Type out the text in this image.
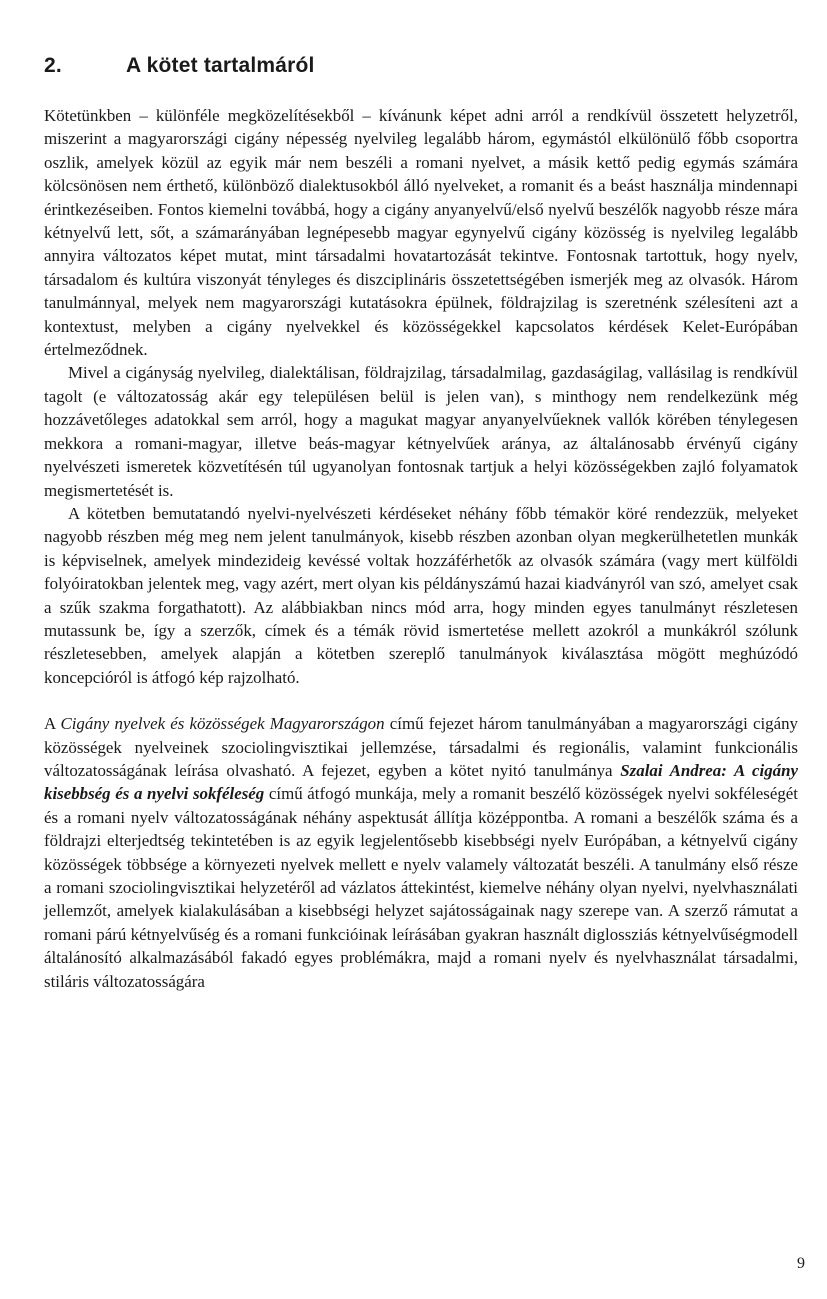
2.	A kötet tartalmáról

Kötetünkben – különféle megközelítésekből – kívánunk képet adni arról a rendkívül összetett helyzetről, miszerint a magyarországi cigány népesség nyelvileg legalább három, egymástól elkülönülő főbb csoportra oszlik, amelyek közül az egyik már nem beszéli a romani nyelvet, a másik kettő pedig egymás számára kölcsönösen nem érthető, különböző dialektusokból álló nyelveket, a romanit és a beást használja mindennapi érintkezéseiben. Fontos kiemelni továbbá, hogy a cigány anyanyelvű/első nyelvű beszélők nagyobb része mára kétnyelvű lett, sőt, a számarányában legnépesebb magyar egynyelvű cigány közösség is nyelvileg legalább annyira változatos képet mutat, mint társadalmi hovatartozását tekintve. Fontosnak tartottuk, hogy nyelv, társadalom és kultúra viszonyát tényleges és diszciplináris összetettségében ismerjék meg az olvasók. Három tanulmánnyal, melyek nem magyarországi kutatásokra épülnek, földrajzilag is szeretnénk szélesíteni azt a kontextust, melyben a cigány nyelvekkel és közösségekkel kapcsolatos kérdések Kelet-Európában értelmeződnek.

Mivel a cigányság nyelvileg, dialektálisan, földrajzilag, társadalmilag, gazdaságilag, vallásilag is rendkívül tagolt (e változatosság akár egy településen belül is jelen van), s minthogy nem rendelkezünk még hozzávetőleges adatokkal sem arról, hogy a magukat magyar anyanyelvűeknek vallók körében ténylegesen mekkora a romani-magyar, illetve beás-magyar kétnyelvűek aránya, az általánosabb érvényű cigány nyelvészeti ismeretek közvetítésén túl ugyanolyan fontosnak tartjuk a helyi közösségekben zajló folyamatok megismertetését is.

A kötetben bemutatandó nyelvi-nyelvészeti kérdéseket néhány főbb témakör köré rendezzük, melyeket nagyobb részben még meg nem jelent tanulmányok, kisebb részben azonban olyan megkerülhetetlen munkák is képviselnek, amelyek mindezideig kevéssé voltak hozzáférhetők az olvasók számára (vagy mert külföldi folyóiratokban jelentek meg, vagy azért, mert olyan kis példányszámú hazai kiadványról van szó, amelyet csak a szűk szakma forgathatott). Az alábbiakban nincs mód arra, hogy minden egyes tanulmányt részletesen mutassunk be, így a szerzők, címek és a témák rövid ismertetése mellett azokról a munkákról szólunk részletesebben, amelyek alapján a kötetben szereplő tanulmányok kiválasztása mögött meghúzódó koncepcióról is átfogó kép rajzolható.

A Cigány nyelvek és közösségek Magyarországon című fejezet három tanulmányában a magyarországi cigány közösségek nyelveinek szociolingvisztikai jellemzése, társadalmi és regionális, valamint funkcionális változatosságának leírása olvasható. A fejezet, egyben a kötet nyitó tanulmánya Szalai Andrea: A cigány kisebbség és a nyelvi sokféleség című átfogó munkája, mely a romanit beszélő közösségek nyelvi sokféleségét és a romani nyelv változatosságának néhány aspektusát állítja középpontba. A romani a beszélők száma és a földrajzi elterjedtség tekintetében is az egyik legjelentősebb kisebbségi nyelv Európában, a kétnyelvű cigány közösségek többsége a környezeti nyelvek mellett e nyelv valamely változatát beszéli. A tanulmány első része a romani szociolingvisztikai helyzetéről ad vázlatos áttekintést, kiemelve néhány olyan nyelvi, nyelvhasználati jellemzőt, amelyek kialakulásában a kisebbségi helyzet sajátosságainak nagy szerepe van. A szerző rámutat a romani párú kétnyelvűség és a romani funkcióinak leírásában gyakran használt diglossziás kétnyelvűségmodell általánosító alkalmazásából fakadó egyes problémákra, majd a romani nyelv és nyelvhasználat társadalmi, stiláris változatosságára

9
